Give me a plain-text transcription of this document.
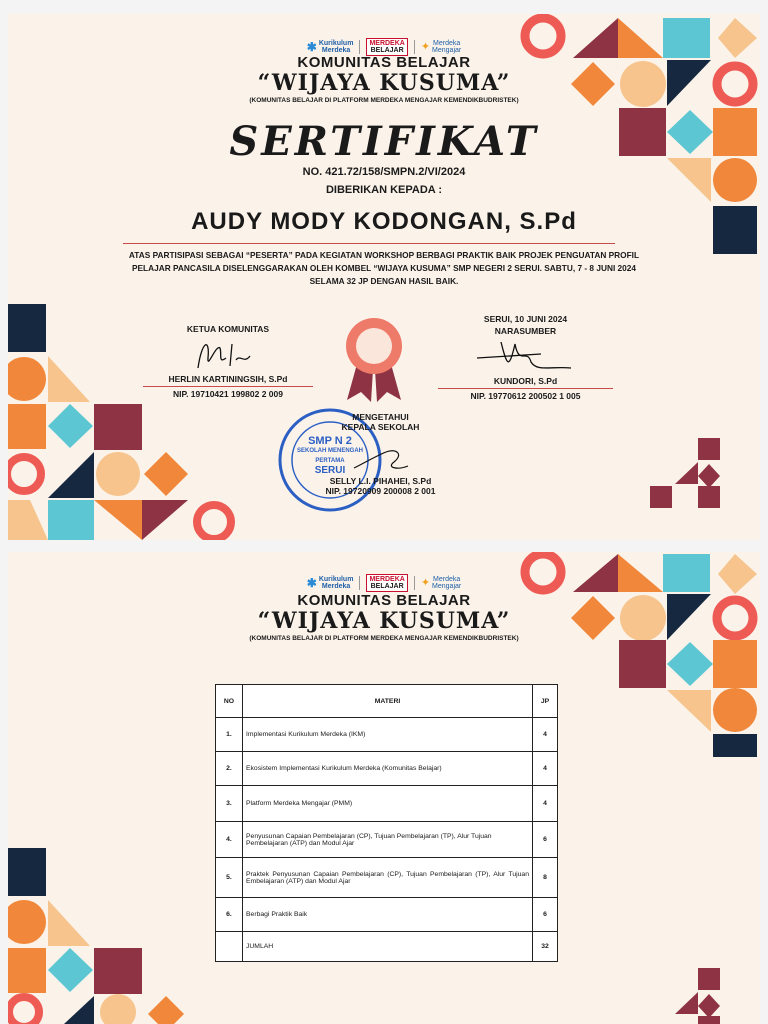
✱ Kurikulum
Merdeka
MERDEKA
BELAJAR	✦ Merdeka
Mengajar
KOMUNITAS BELAJAR
“WIJAYA KUSUMA”
(KOMUNITAS BELAJAR DI PLATFORM MERDEKA MENGAJAR KEMENDIKBUDRISTEK)
SERTIFIKAT
NO. 421.72/158/SMPN.2/VI/2024
DIBERIKAN KEPADA :
AUDY MODY KODONGAN, S.Pd
ATAS PARTISIPASI SEBAGAI “PESERTA” PADA KEGIATAN WORKSHOP BERBAGI PRAKTIK BAIK PROJEK PENGUATAN PROFIL PELAJAR PANCASILA DISELENGGARAKAN OLEH KOMBEL “WIJAYA KUSUMA” SMP NEGERI 2 SERUI. SABTU, 7 - 8 JUNI 2024 SELAMA 32 JP DENGAN HASIL BAIK.
KETUA KOMUNITAS
HERLIN KARTININGSIH, S.Pd
NIP. 19710421 199802 2 009
SERUI, 10 JUNI 2024
NARASUMBER
KUNDORI, S.Pd
NIP. 19770612 200502 1 005
SMP N 2
SEKOLAH MENENGAH
PERTAMA
SERUI
MENGETAHUI
KEPALA SEKOLAH
SELLY L.I. PIHAHEI, S.Pd
NIP. 19720909 200008 2 001
✱ Kurikulum
Merdeka
MERDEKA
BELAJAR	✦ Merdeka
Mengajar
KOMUNITAS BELAJAR
“WIJAYA KUSUMA”
(KOMUNITAS BELAJAR DI PLATFORM MERDEKA MENGAJAR KEMENDIKBUDRISTEK)
NO	MATERI	JP
1.	Implementasi Kurikulum Merdeka (IKM)	4
2.	Ekosistem Implementasi Kurikulum Merdeka (Komunitas Belajar)	4
3.	Platform Merdeka Mengajar (PMM)	4
4.	Penyusunan Capaian Pembelajaran (CP), Tujuan Pembelajaran (TP), Alur Tujuan Pembelajaran (ATP) dan Modul Ajar	6
5.	Praktek Penyusunan Capaian Pembelajaran (CP), Tujuan Pembelajaran (TP), Alur Tujuan Embelajaran (ATP) dan Modul Ajar	8
6.	Berbagi Praktik Baik	6
	JUMLAH	32
